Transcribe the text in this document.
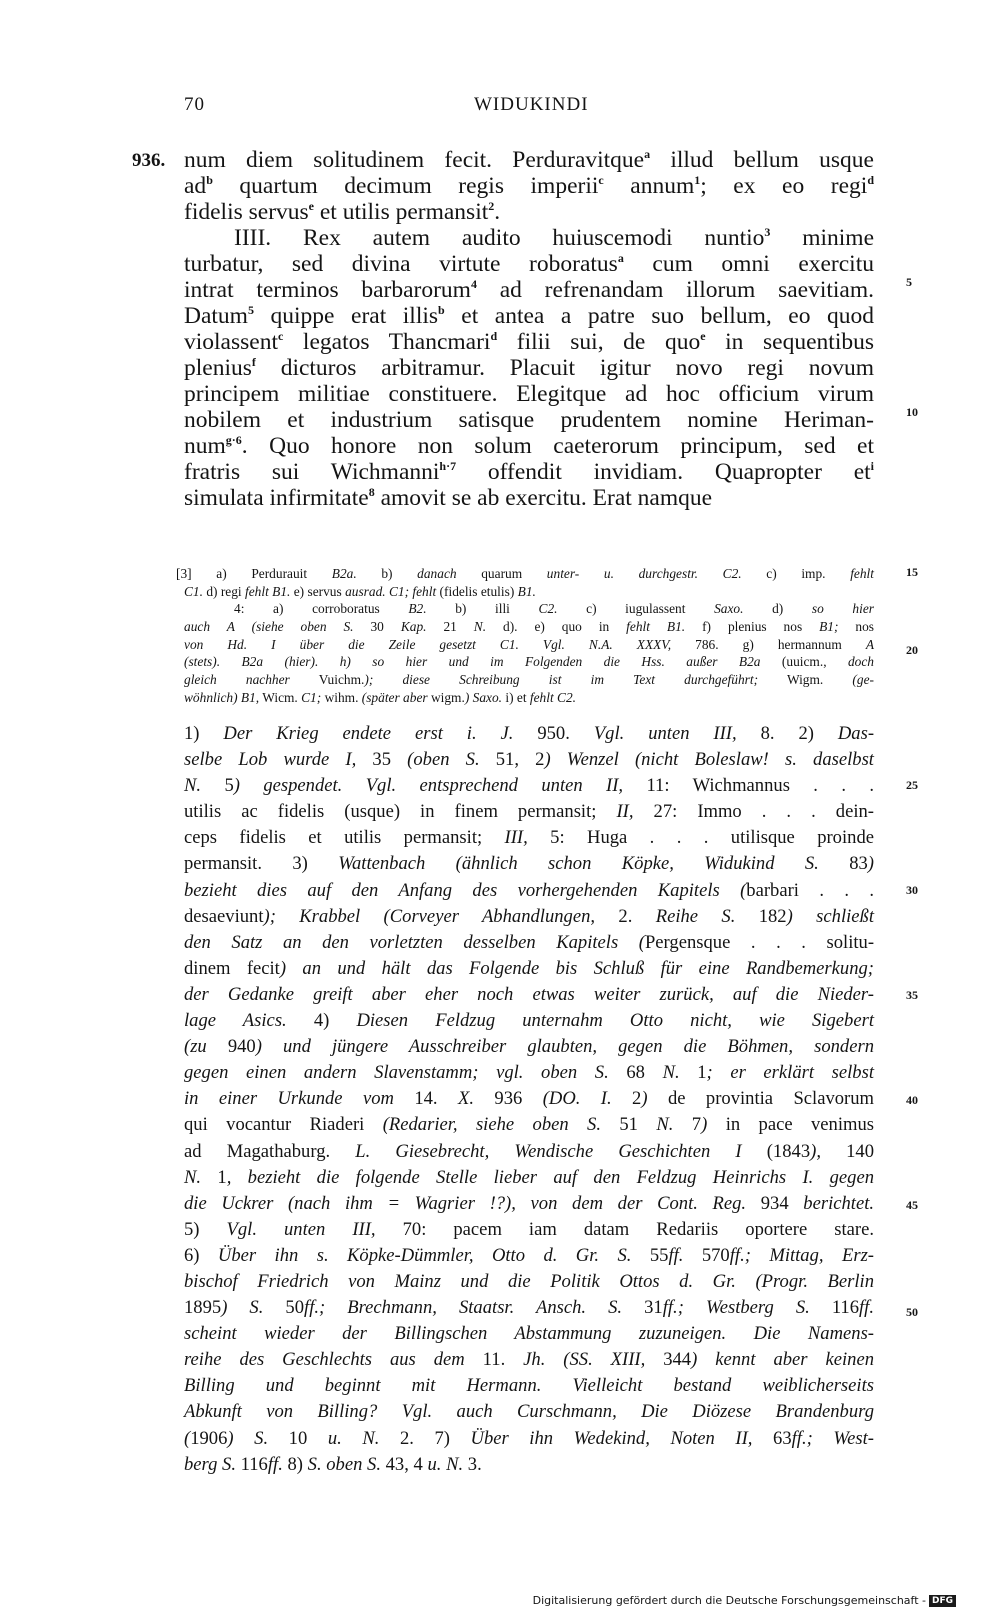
70	WIDUKINDI
936. num diem solitudinem fecit. Perduravitque$^a$ illud bellum usque
$ad^b$ quartum decimum regis imperii$^c$ annum$^1$; ex eo regi$^d$
fidelis servus$^e$ et utilis permansit$^2$.
IIII. Rex autem audito huiuscemodi nuntio$^3$ minime
turbatur, sed divina virtute roboratus$^a$ cum omni exercitu
intrat terminos barbarorum$^4$ ad refrenandam illorum saevitiam.
Datum$^5$ quippe erat illis$^b$ et antea a patre suo bellum, eo quod
violassent$^c$ legatos Thancmari$^d$ filii sui, de quo$^e$ in sequentibus
plenius$^f$ dicturos arbitramur. Placuit igitur novo regi novum
principem militiae constituere. Elegitque ad hoc officium virum
nobilem et industrium satisque prudentem nomine Heriman-
num$^{g\cdot 6}$. Quo honore non solum caeterorum principum, sed et
fratris sui Wichmanni$^{h\cdot 7}$ offendit invidiam. Quapropter $et^i$
simulata infirmitate$^8$ amovit se ab exercitu. Erat namque
5
10
[3] a) Perdurauit B2a. b) danach quarum unter- u. durchgestr. C2. c) imp. fehlt
C1. d) regi fehlt B1. e) servus ausrad. C1; fehlt (fidelis etulis) B1.
4: a) corroboratus B2. b) illi C2. c) iugulassent Saxo. d) so hier
auch A (siehe oben S. 30 Kap. 21 N. d). e) quo in fehlt B1. f) plenius nos B1; nos
von Hd. I über die Zeile gesetzt C1. Vgl. N.A. XXXV, 786. g) hermannum A
(stets). B2a (hier). h) so hier und im Folgenden die Hss. außer B2a (uuicm., doch
gleich nachher Vuichm.); diese Schreibung ist im Text durchgeführt; Wigm. (ge-
wöhnlich) B1, Wicm. C1; wihm. (später aber wigm.) Saxo. i) et fehlt C2.
15
20
1) Der Krieg endete erst i. J. 950. Vgl. unten III, 8. 2) Das-
selbe Lob wurde I, 35 (oben S. 51, 2) Wenzel (nicht Boleslaw! s. daselbst
N. 5) gespendet. Vgl. entsprechend unten II, 11: Wichmannus . . .
utilis ac fidelis (usque) in finem permansit; II, 27: Immo . . . dein-
ceps fidelis et utilis permansit; III, 5: Huga . . . utilisque proinde
permansit. 3) Wattenbach (ähnlich schon Köpke, Widukind S. 83)
bezieht dies auf den Anfang des vorhergehenden Kapitels (barbari . . .
desaeviunt); Krabbel (Corveyer Abhandlungen, 2. Reihe S. 182) schließt
den Satz an den vorletzten desselben Kapitels (Pergensque . . . solitu-
dinem fecit) an und hält das Folgende bis Schluß für eine Randbemerkung;
der Gedanke greift aber eher noch etwas weiter zurück, auf die Nieder-
lage Asics. 4) Diesen Feldzug unternahm Otto nicht, wie Sigebert
(zu 940) und jüngere Ausschreiber glaubten, gegen die Böhmen, sondern
gegen einen andern Slavenstamm; vgl. oben S. 68 N. 1; er erklärt selbst
in einer Urkunde vom 14. X. 936 (DO. I. 2) de provintia Sclavorum
qui vocantur Riaderi (Redarier, siehe oben S. 51 N. 7) in pace venimus
ad Magathaburg. L. Giesebrecht, Wendische Geschichten I (1843), 140
N. 1, bezieht die folgende Stelle lieber auf den Feldzug Heinrichs I. gegen
die Uckrer (nach ihm = Wagrier !?), von dem der Cont. Reg. 934 berichtet.
5) Vgl. unten III, 70: pacem iam datam Redariis oportere stare.
6) Über ihn s. Köpke-Dümmler, Otto d. Gr. S. 55ff. 570ff.; Mittag, Erz-
bischof Friedrich von Mainz und die Politik Ottos d. Gr. (Progr. Berlin
1895) S. 50ff.; Brechmann, Staatsr. Ansch. S. 31ff.; Westberg S. 116ff.
scheint wieder der Billingschen Abstammung zuzuneigen. Die Namens-
reihe des Geschlechts aus dem 11. Jh. (SS. XIII, 344) kennt aber keinen
Billing und beginnt mit Hermann. Vielleicht bestand weiblicherseits
Abkunft von Billing? Vgl. auch Curschmann, Die Diözese Brandenburg
(1906) S. 10 u. N. 2. 7) Über ihn Wedekind, Noten II, 63ff.; West-
berg S. 116ff. 8) S. oben S. 43, 4 u. N. 3.
25
30
35
40
45
50
Digitalisierung gefördert durch die Deutsche Forschungsgemeinschaft - DFG
